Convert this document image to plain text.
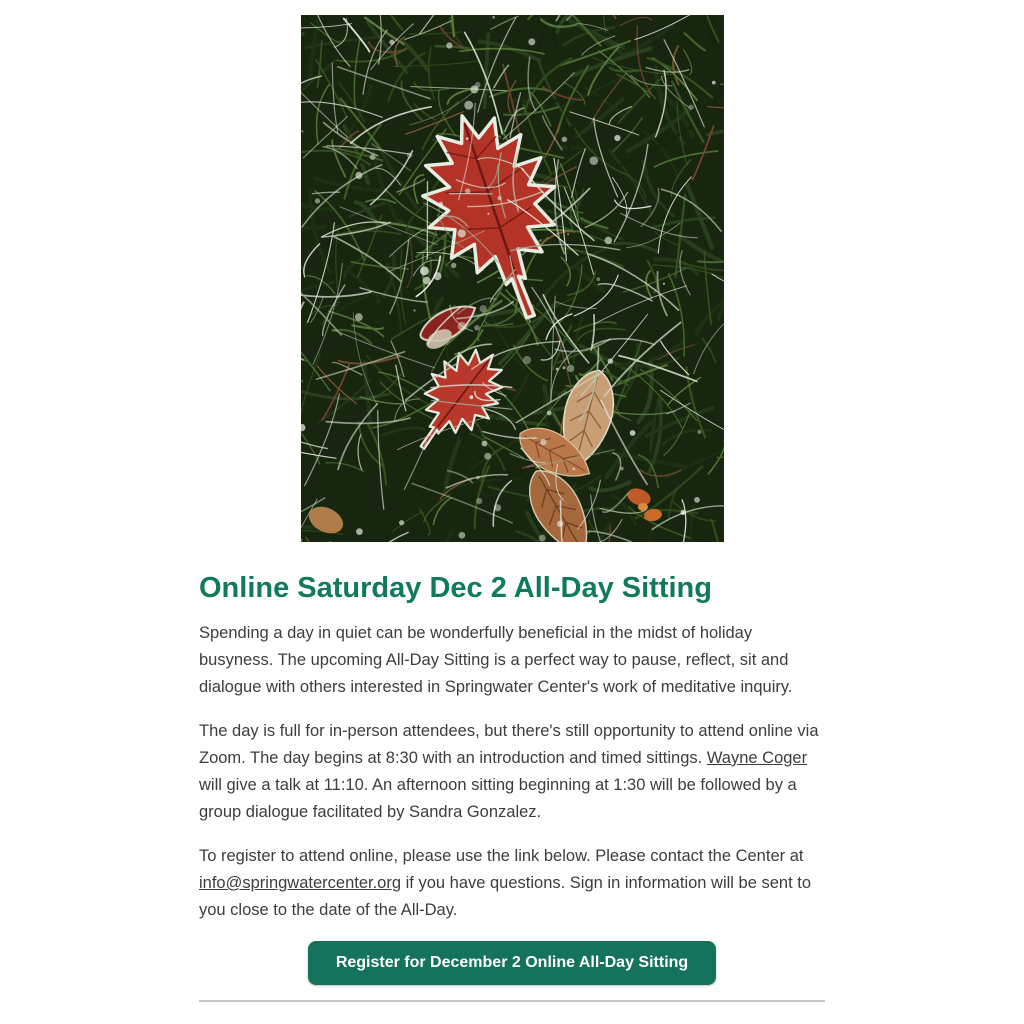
Online Saturday Dec 2 All-Day Sitting

Spending a day in quiet can be wonderfully beneficial in the midst of holiday busyness. The upcoming All-Day Sitting is a perfect way to pause, reflect, sit and dialogue with others interested in Springwater Center's work of meditative inquiry.

The day is full for in-person attendees, but there's still opportunity to attend online via Zoom. The day begins at 8:30 with an introduction and timed sittings. Wayne Coger will give a talk at 11:10. An afternoon sitting beginning at 1:30 will be followed by a group dialogue facilitated by Sandra Gonzalez.

To register to attend online, please use the link below. Please contact the Center at info@springwatercenter.org if you have questions. Sign in information will be sent to you close to the date of the All-Day.

Register for December 2 Online All-Day Sitting
